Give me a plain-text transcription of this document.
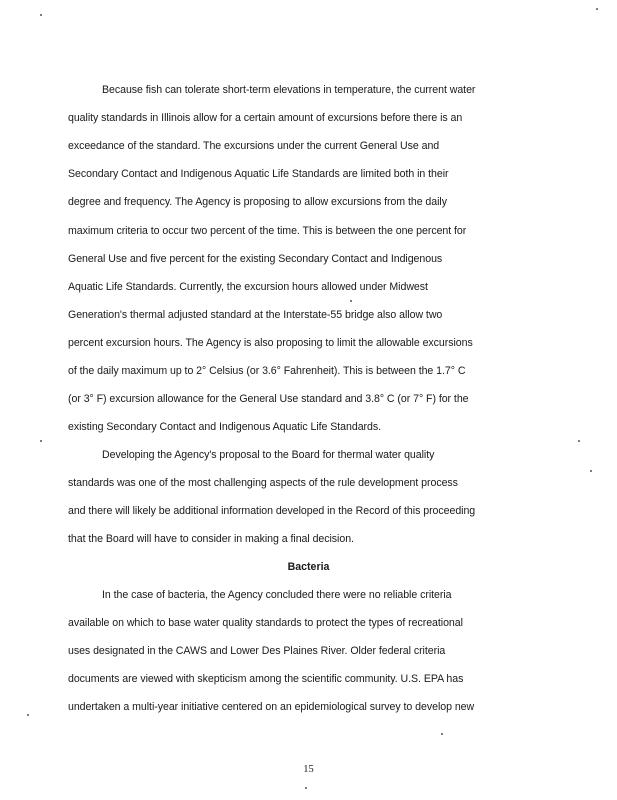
Because fish can tolerate short-term elevations in temperature, the current water
quality standards in Illinois allow for a certain amount of excursions before there is an
exceedance of the standard. The excursions under the current General Use and
Secondary Contact and Indigenous Aquatic Life Standards are limited both in their
degree and frequency. The Agency is proposing to allow excursions from the daily
maximum criteria to occur two percent of the time. This is between the one percent for
General Use and five percent for the existing Secondary Contact and Indigenous
Aquatic Life Standards. Currently, the excursion hours allowed under Midwest
Generation's thermal adjusted standard at the Interstate-55 bridge also allow two
percent excursion hours. The Agency is also proposing to limit the allowable excursions
of the daily maximum up to 2° Celsius (or 3.6° Fahrenheit). This is between the 1.7° C
(or 3° F) excursion allowance for the General Use standard and 3.8° C (or 7° F) for the
existing Secondary Contact and Indigenous Aquatic Life Standards.
Developing the Agency's proposal to the Board for thermal water quality
standards was one of the most challenging aspects of the rule development process
and there will likely be additional information developed in the Record of this proceeding
that the Board will have to consider in making a final decision.
Bacteria
In the case of bacteria, the Agency concluded there were no reliable criteria
available on which to base water quality standards to protect the types of recreational
uses designated in the CAWS and Lower Des Plaines River. Older federal criteria
documents are viewed with skepticism among the scientific community. U.S. EPA has
undertaken a multi-year initiative centered on an epidemiological survey to develop new
15
